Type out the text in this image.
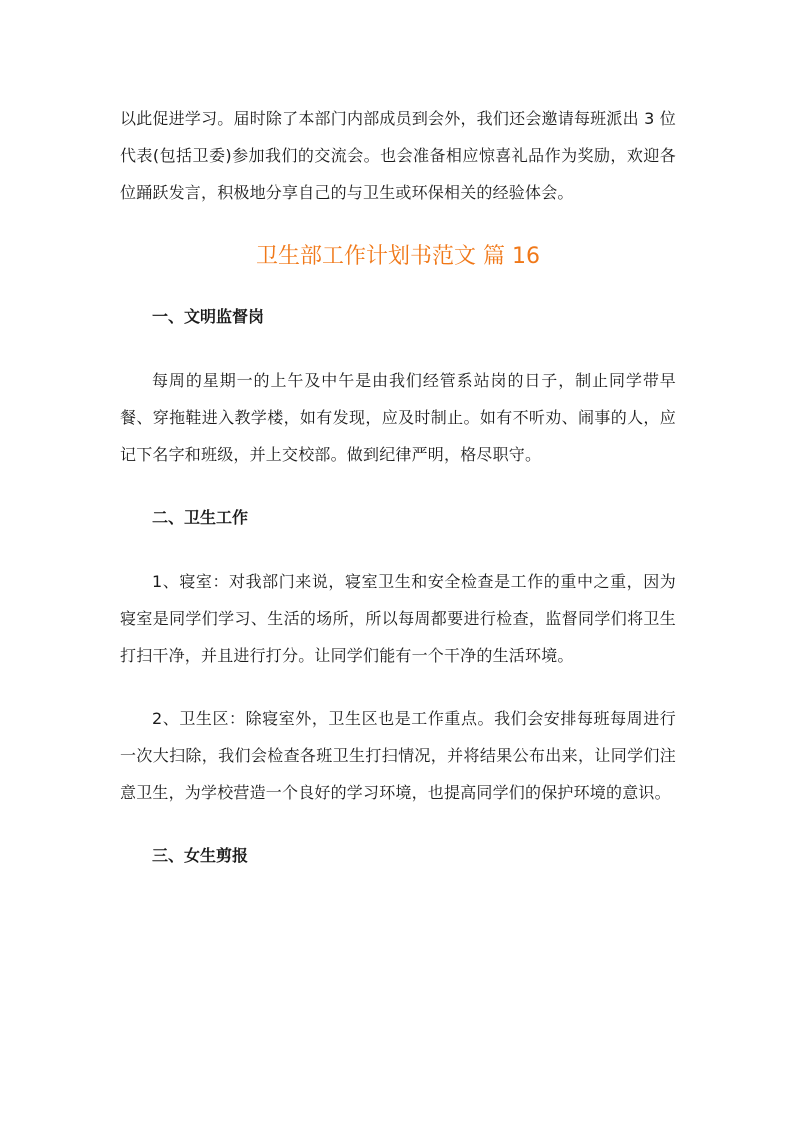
以此促进学习。届时除了本部门内部成员到会外，我们还会邀请每班派出 3 位代表(包括卫委)参加我们的交流会。也会准备相应惊喜礼品作为奖励，欢迎各位踊跃发言，积极地分享自己的与卫生或环保相关的经验体会。

卫生部工作计划书范文 篇 16
一、文明监督岗

每周的星期一的上午及中午是由我们经管系站岗的日子，制止同学带早餐、穿拖鞋进入教学楼，如有发现，应及时制止。如有不听劝、闹事的人，应记下名字和班级，并上交校部。做到纪律严明，格尽职守。

二、卫生工作

1、寝室：对我部门来说，寝室卫生和安全检查是工作的重中之重，因为寝室是同学们学习、生活的场所，所以每周都要进行检查，监督同学们将卫生打扫干净，并且进行打分。让同学们能有一个干净的生活环境。

2、卫生区：除寝室外，卫生区也是工作重点。我们会安排每班每周进行一次大扫除，我们会检查各班卫生打扫情况，并将结果公布出来，让同学们注意卫生，为学校营造一个良好的学习环境，也提高同学们的保护环境的意识。

三、女生剪报
